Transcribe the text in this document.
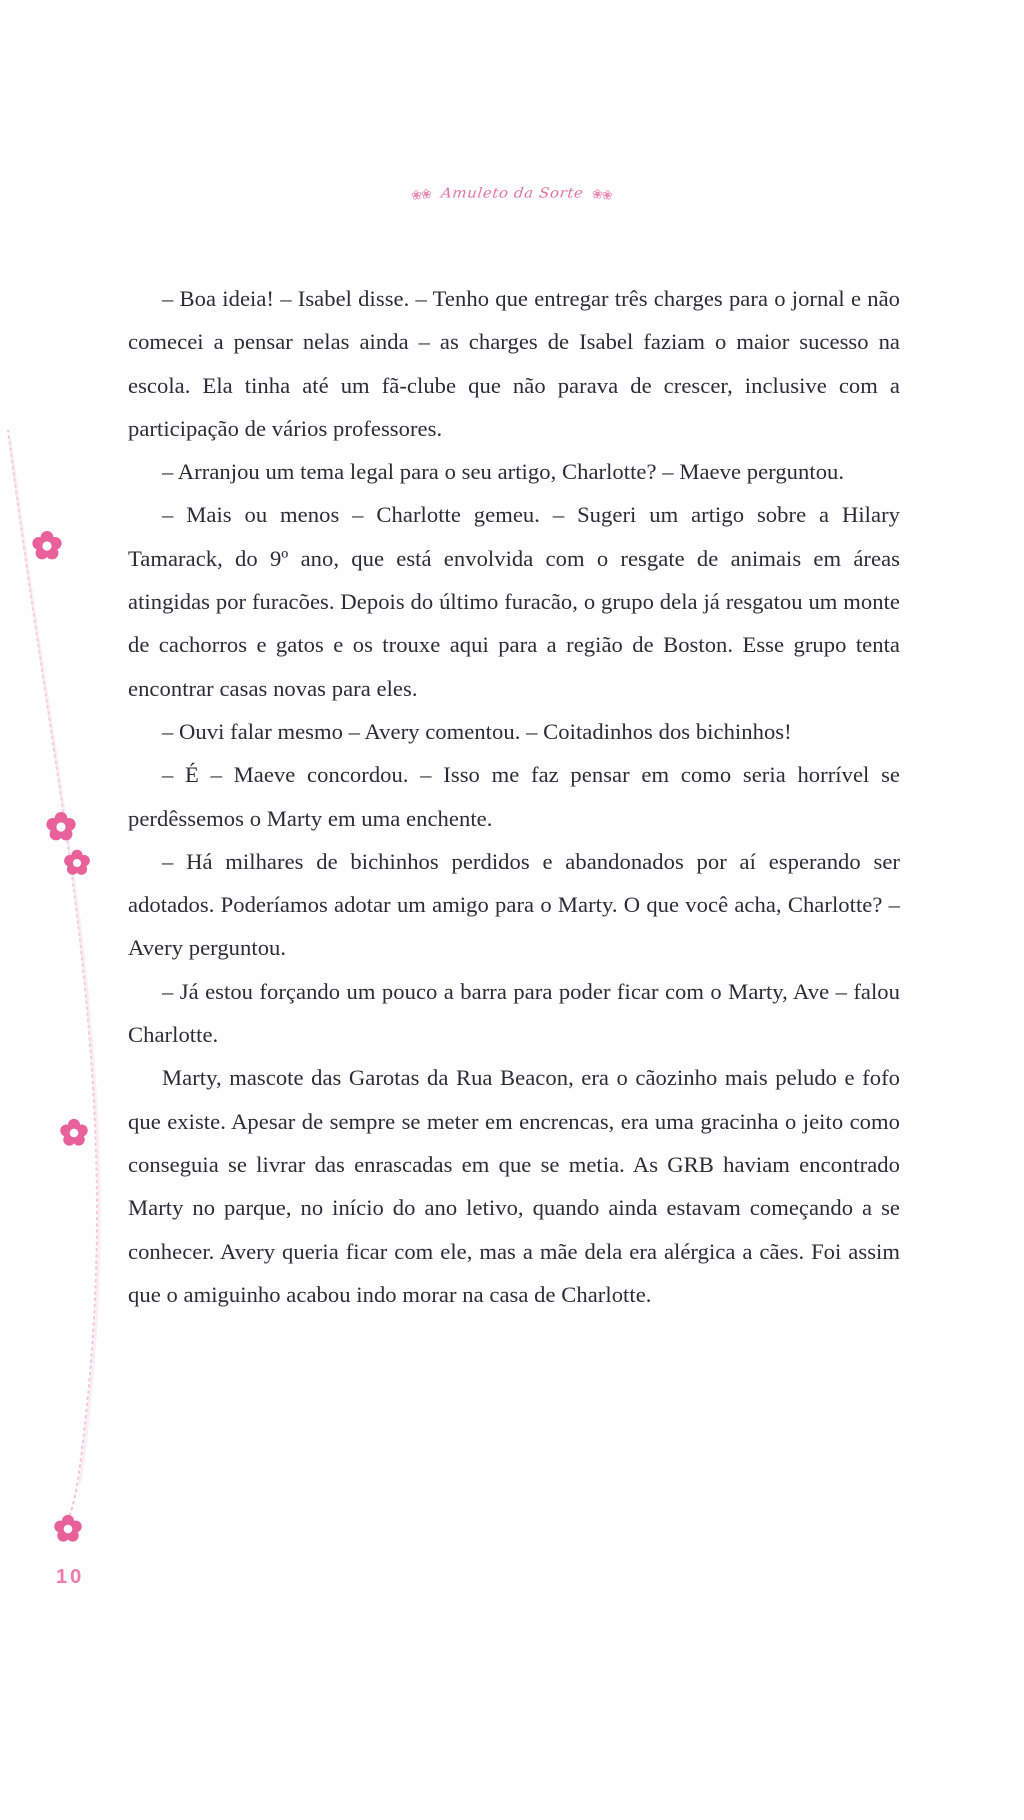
❀❀ Amuleto da Sorte ❀❀

– Boa ideia! – Isabel disse. – Tenho que entregar três charges para o jornal e não comecei a pensar nelas ainda – as charges de Isabel faziam o maior sucesso na escola. Ela tinha até um fã-clube que não parava de crescer, inclusive com a participação de vários professores.

– Arranjou um tema legal para o seu artigo, Charlotte? – Maeve perguntou.

– Mais ou menos – Charlotte gemeu. – Sugeri um artigo sobre a Hilary Tamarack, do 9º ano, que está envolvida com o resgate de animais em áreas atingidas por furacões. Depois do último furacão, o grupo dela já resgatou um monte de cachorros e gatos e os trouxe aqui para a região de Boston. Esse grupo tenta encontrar casas novas para eles.

– Ouvi falar mesmo – Avery comentou. – Coitadinhos dos bichinhos!

– É – Maeve concordou. – Isso me faz pensar em como seria horrível se perdêssemos o Marty em uma enchente.

– Há milhares de bichinhos perdidos e abandonados por aí esperando ser adotados. Poderíamos adotar um amigo para o Marty. O que você acha, Charlotte? – Avery perguntou.

– Já estou forçando um pouco a barra para poder ficar com o Marty, Ave – falou Charlotte.

Marty, mascote das Garotas da Rua Beacon, era o cãozinho mais peludo e fofo que existe. Apesar de sempre se meter em encrencas, era uma gracinha o jeito como conseguia se livrar das enrascadas em que se metia. As GRB haviam encontrado Marty no parque, no início do ano letivo, quando ainda estavam começando a se conhecer. Avery queria ficar com ele, mas a mãe dela era alérgica a cães. Foi assim que o amiguinho acabou indo morar na casa de Charlotte.

10
